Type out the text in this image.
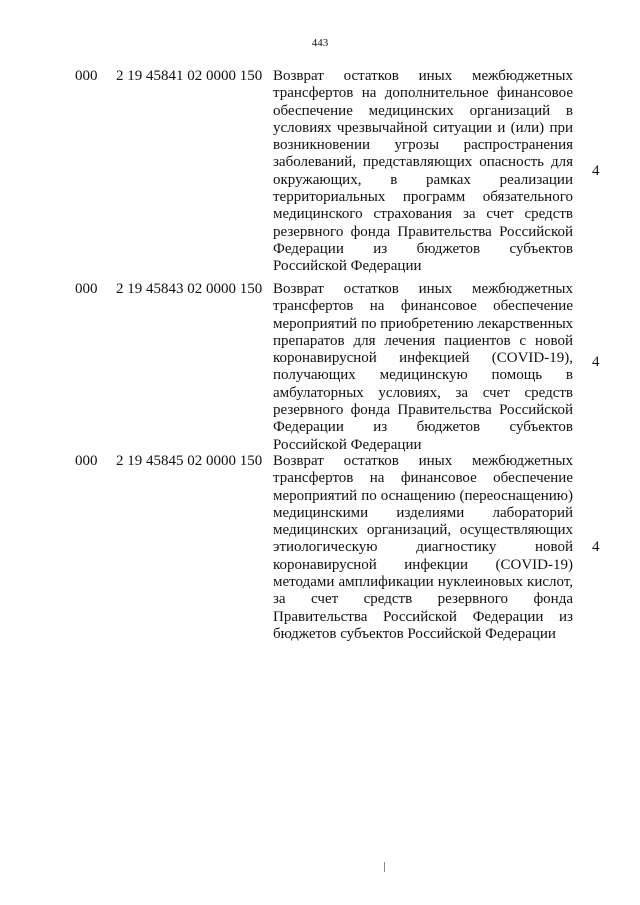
443
000 2 19 45841 02 0000 150 Возврат остатков иных межбюджетных
трансфертов на дополнительное финансовое
обеспечение медицинских организаций в
условиях чрезвычайной ситуации и (или) при
возникновении угрозы распространения
заболеваний, представляющих опасность для
окружающих, в рамках реализации
территориальных программ обязательного
медицинского страхования за счет средств
резервного фонда Правительства Российской
Федерации из бюджетов субъектов
Российской Федерации
4
000 2 19 45843 02 0000 150 Возврат остатков иных межбюджетных
трансфертов на финансовое обеспечение
мероприятий по приобретению лекарственных
препаратов для лечения пациентов с новой
коронавирусной инфекцией (COVID-19),
получающих медицинскую помощь в
амбулаторных условиях, за счет средств
резервного фонда Правительства Российской
Федерации из бюджетов субъектов
Российской Федерации
4
000 2 19 45845 02 0000 150 Возврат остатков иных межбюджетных
трансфертов на финансовое обеспечение
мероприятий по оснащению (переоснащению)
медицинскими изделиями лабораторий
медицинских организаций, осуществляющих
этиологическую диагностику новой
коронавирусной инфекции (COVID-19)
методами амплификации нуклеиновых кислот,
за счет средств резервного фонда
Правительства Российской Федерации из
бюджетов субъектов Российской Федерации
4
